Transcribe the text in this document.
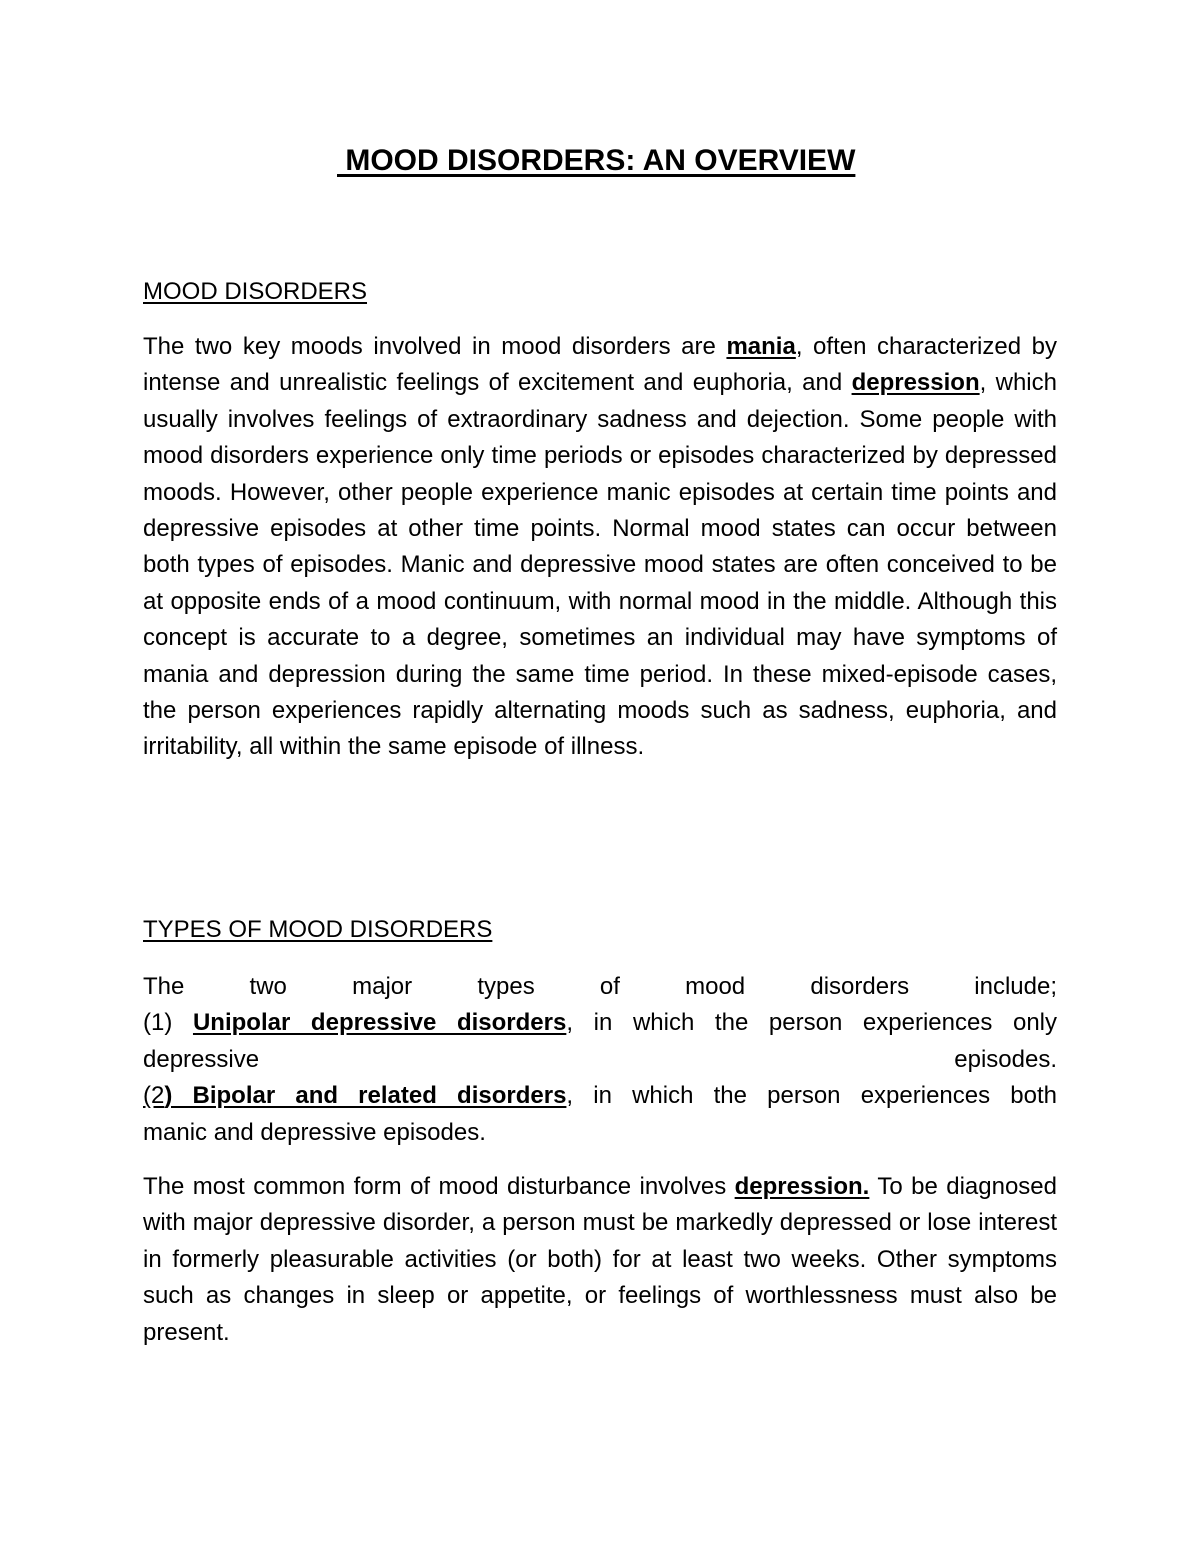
MOOD DISORDERS: AN OVERVIEW
MOOD DISORDERS

The two key moods involved in mood disorders are mania, often characterized by intense and unrealistic feelings of excitement and euphoria, and depression, which usually involves feelings of extraordinary sadness and dejection. Some people with mood disorders experience only time periods or episodes characterized by depressed moods. However, other people experience manic episodes at certain time points and depressive episodes at other time points. Normal mood states can occur between both types of episodes. Manic and depressive mood states are often conceived to be at opposite ends of a mood continuum, with normal mood in the middle. Although this concept is accurate to a degree, sometimes an individual may have symptoms of mania and depression during the same time period. In these mixed-episode cases, the person experiences rapidly alternating moods such as sadness, euphoria, and irritability, all within the same episode of illness.

TYPES OF MOOD DISORDERS
The two major types of mood disorders include;
(1) Unipolar depressive disorders, in which the person experiences only
depressive	episodes.
(2) Bipolar and related disorders, in which the person experiences both
manic and depressive episodes.

The most common form of mood disturbance involves depression. To be diagnosed with major depressive disorder, a person must be markedly depressed or lose interest in formerly pleasurable activities (or both) for at least two weeks. Other symptoms such as changes in sleep or appetite, or feelings of worthlessness must also be present.
